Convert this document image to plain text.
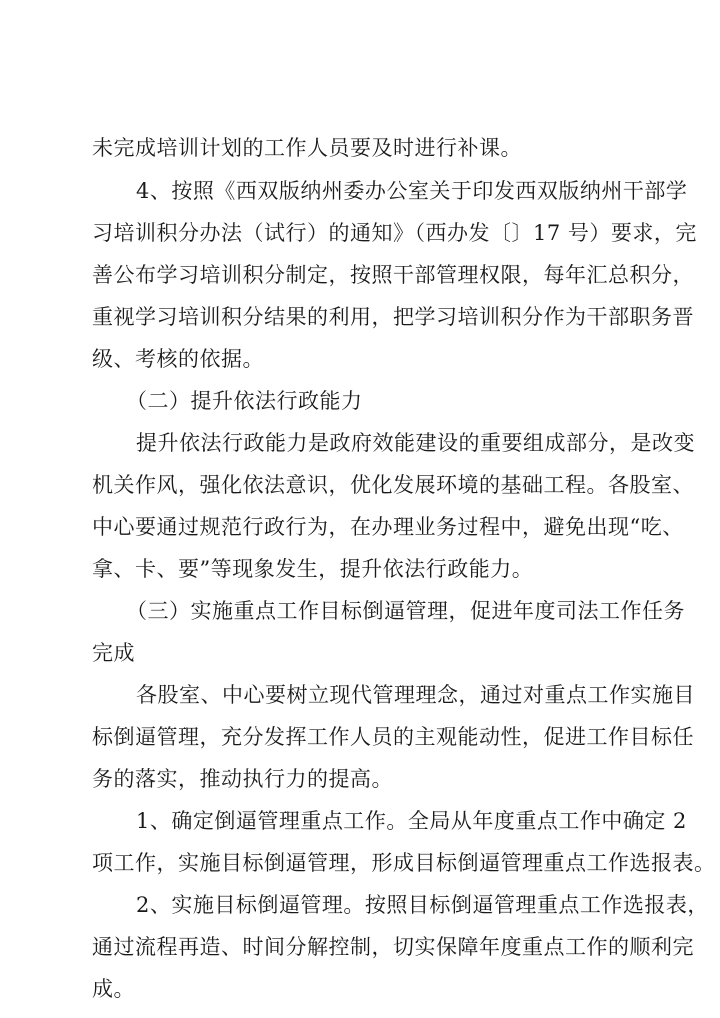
未完成培训计划的工作人员要及时进行补课。
4、按照《西双版纳州委办公室关于印发西双版纳州干部学
习培训积分办法（试行）的通知》（西办发〔〕17 号）要求，完
善公布学习培训积分制定，按照干部管理权限，每年汇总积分，
重视学习培训积分结果的利用，把学习培训积分作为干部职务晋
级、考核的依据。
（二）提升依法行政能力
提升依法行政能力是政府效能建设的重要组成部分，是改变
机关作风，强化依法意识，优化发展环境的基础工程。各股室、
中心要通过规范行政行为，在办理业务过程中，避免出现“吃、
拿、卡、要”等现象发生，提升依法行政能力。
（三）实施重点工作目标倒逼管理，促进年度司法工作任务
完成
各股室、中心要树立现代管理理念，通过对重点工作实施目
标倒逼管理，充分发挥工作人员的主观能动性，促进工作目标任
务的落实，推动执行力的提高。
1、确定倒逼管理重点工作。全局从年度重点工作中确定 2
项工作，实施目标倒逼管理，形成目标倒逼管理重点工作选报表。
2、实施目标倒逼管理。按照目标倒逼管理重点工作选报表，
通过流程再造、时间分解控制，切实保障年度重点工作的顺利完
成。
